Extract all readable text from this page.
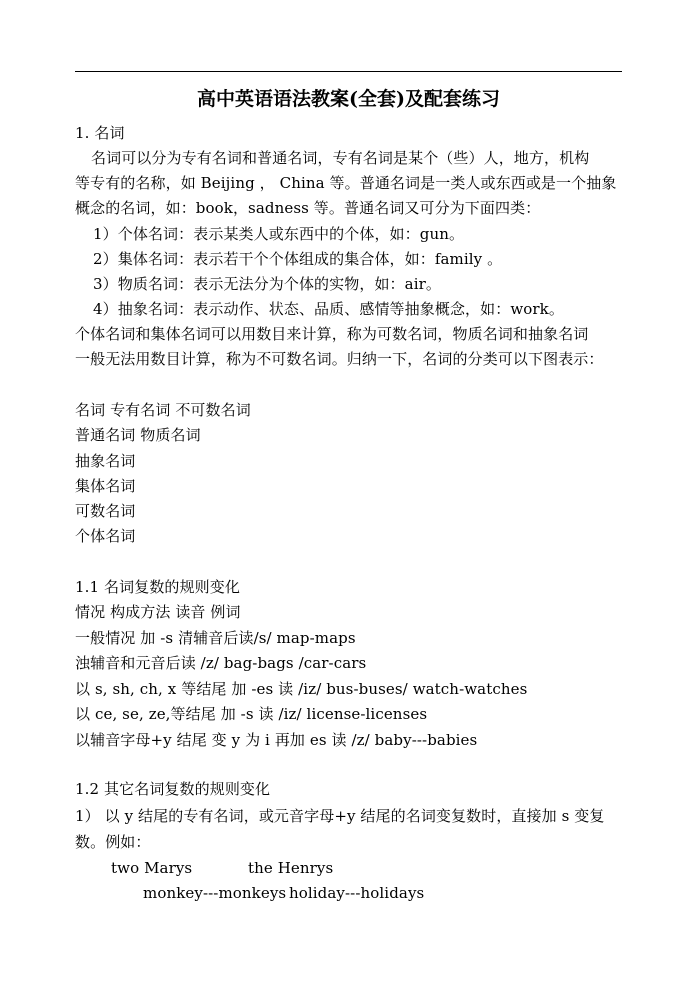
高中英语语法教案(全套)及配套练习
1. 名词
名词可以分为专有名词和普通名词，专有名词是某个（些）人，地方，机构
等专有的名称，如 Beijing ， China 等。普通名词是一类人或东西或是一个抽象
概念的名词，如：book，sadness 等。普通名词又可分为下面四类：
1）个体名词：表示某类人或东西中的个体，如：gun。
2）集体名词：表示若干个个体组成的集合体，如：family 。
3）物质名词：表示无法分为个体的实物，如：air。
4）抽象名词：表示动作、状态、品质、感情等抽象概念，如：work。
个体名词和集体名词可以用数目来计算，称为可数名词，物质名词和抽象名词
一般无法用数目计算，称为不可数名词。归纳一下，名词的分类可以下图表示：
名词 专有名词 不可数名词
普通名词 物质名词
抽象名词
集体名词
可数名词
个体名词
1.1 名词复数的规则变化
情况 构成方法 读音 例词
一般情况 加 -s 清辅音后读/s/ map-maps
浊辅音和元音后读 /z/ bag-bags /car-cars
以 s, sh, ch, x 等结尾 加 -es 读 /iz/ bus-buses/ watch-watches
以 ce, se, ze,等结尾 加 -s 读 /iz/ license-licenses
以辅音字母+y 结尾 变 y 为 i 再加 es 读 /z/ baby---babies
1.2 其它名词复数的规则变化
1） 以 y 结尾的专有名词，或元音字母+y 结尾的名词变复数时，直接加 s 变复
数。例如：
two Marys	the Henrys
monkey---monkeys holiday---holidays
